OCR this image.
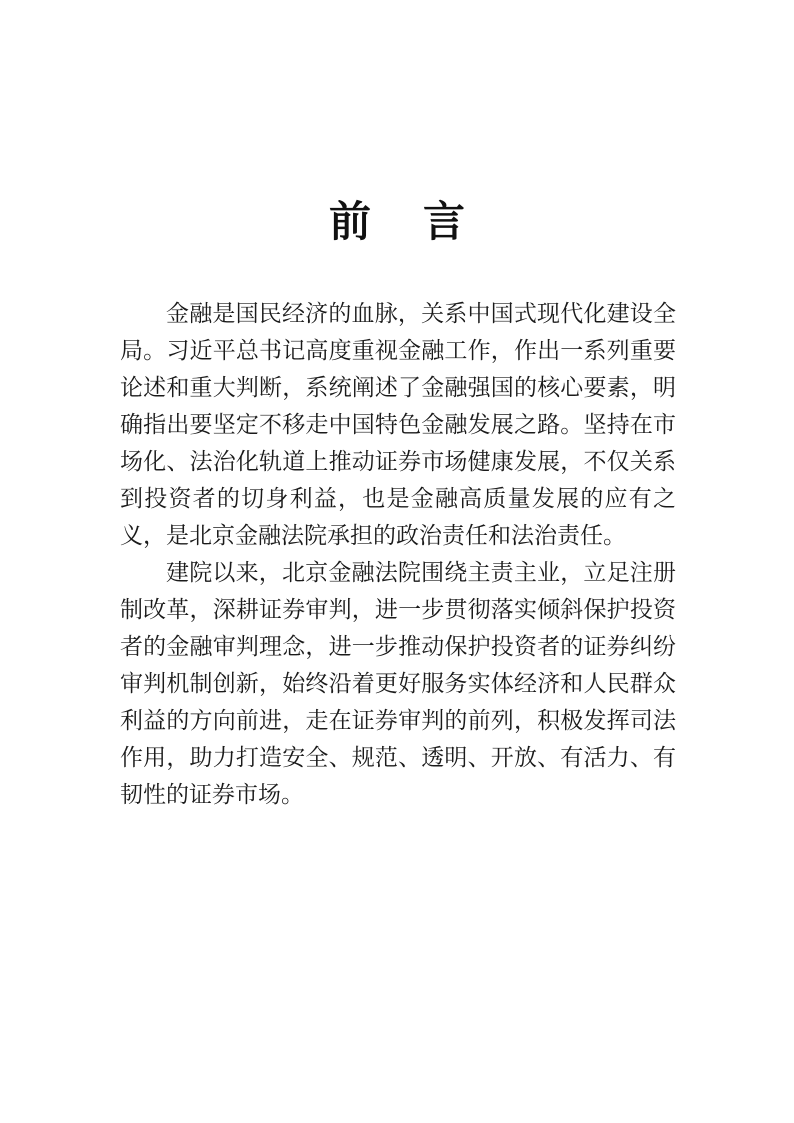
前言

金融是国民经济的血脉，关系中国式现代化建设全局。习近平总书记高度重视金融工作，作出一系列重要论述和重大判断，系统阐述了金融强国的核心要素，明确指出要坚定不移走中国特色金融发展之路。坚持在市场化、法治化轨道上推动证券市场健康发展，不仅关系到投资者的切身利益，也是金融高质量发展的应有之义，是北京金融法院承担的政治责任和法治责任。

建院以来，北京金融法院围绕主责主业，立足注册制改革，深耕证券审判，进一步贯彻落实倾斜保护投资者的金融审判理念，进一步推动保护投资者的证券纠纷审判机制创新，始终沿着更好服务实体经济和人民群众利益的方向前进，走在证券审判的前列，积极发挥司法作用，助力打造安全、规范、透明、开放、有活力、有韧性的证券市场。
